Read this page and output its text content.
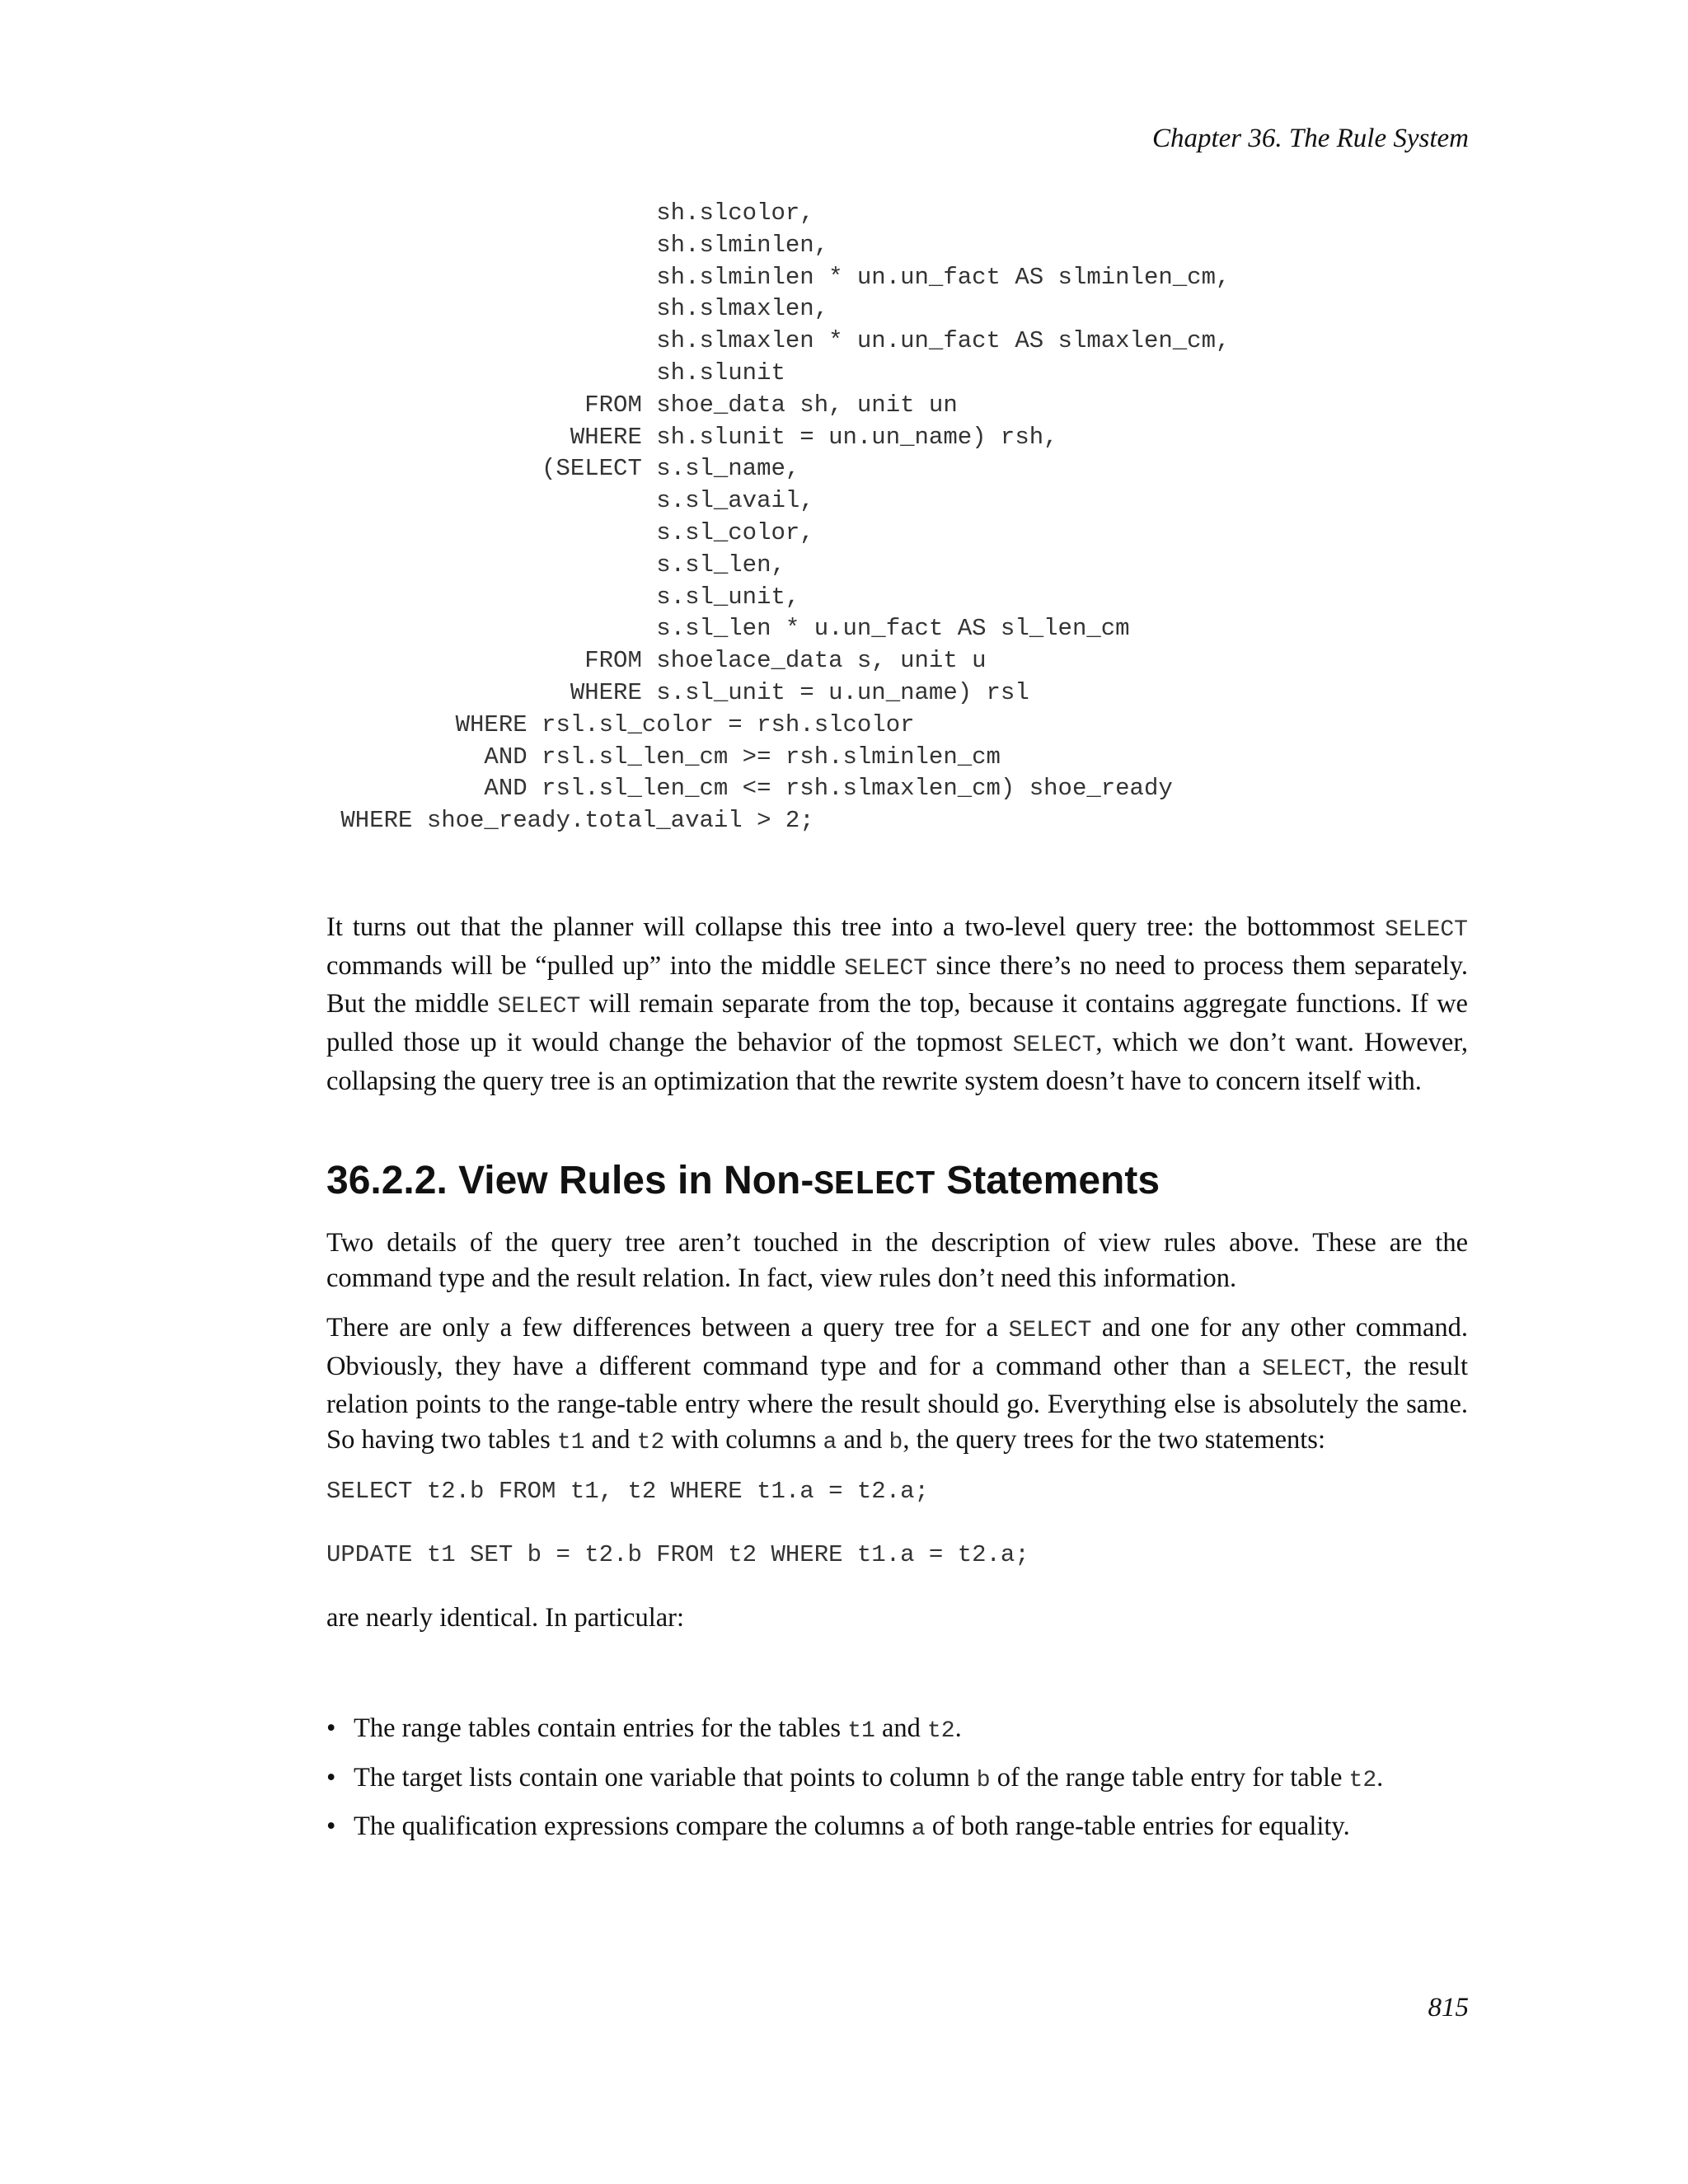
Chapter 36. The Rule System
sh.slcolor,
sh.slminlen,
sh.slminlen * un.un_fact AS slminlen_cm,
sh.slmaxlen,
sh.slmaxlen * un.un_fact AS slmaxlen_cm,
sh.slunit
FROM shoe_data sh, unit un
WHERE sh.slunit = un.un_name) rsh,
(SELECT s.sl_name,
s.sl_avail,
s.sl_color,
s.sl_len,
s.sl_unit,
s.sl_len * u.un_fact AS sl_len_cm
FROM shoelace_data s, unit u
WHERE s.sl_unit = u.un_name) rsl
WHERE rsl.sl_color = rsh.slcolor
AND rsl.sl_len_cm >= rsh.slminlen_cm
AND rsl.sl_len_cm <= rsh.slmaxlen_cm) shoe_ready
WHERE shoe_ready.total_avail > 2;

It turns out that the planner will collapse this tree into a two-level query tree: the bottommost SELECT commands will be “pulled up” into the middle SELECT since there’s no need to process them separately. But the middle SELECT will remain separate from the top, because it contains aggregate functions. If we pulled those up it would change the behavior of the topmost SELECT, which we don’t want. However, collapsing the query tree is an optimization that the rewrite system doesn’t have to concern itself with.

36.2.2. View Rules in Non-SELECT Statements

Two details of the query tree aren’t touched in the description of view rules above. These are the command type and the result relation. In fact, view rules don’t need this information.

There are only a few differences between a query tree for a SELECT and one for any other command. Obviously, they have a different command type and for a command other than a SELECT, the result relation points to the range-table entry where the result should go. Everything else is absolutely the same. So having two tables t1 and t2 with columns a and b, the query trees for the two statements:

SELECT t2.b FROM t1, t2 WHERE t1.a = t2.a;
UPDATE t1 SET b = t2.b FROM t2 WHERE t1.a = t2.a;

are nearly identical. In particular:

• The range tables contain entries for the tables t1 and t2.
• The target lists contain one variable that points to column b of the range table entry for table t2.
• The qualification expressions compare the columns a of both range-table entries for equality.
815
